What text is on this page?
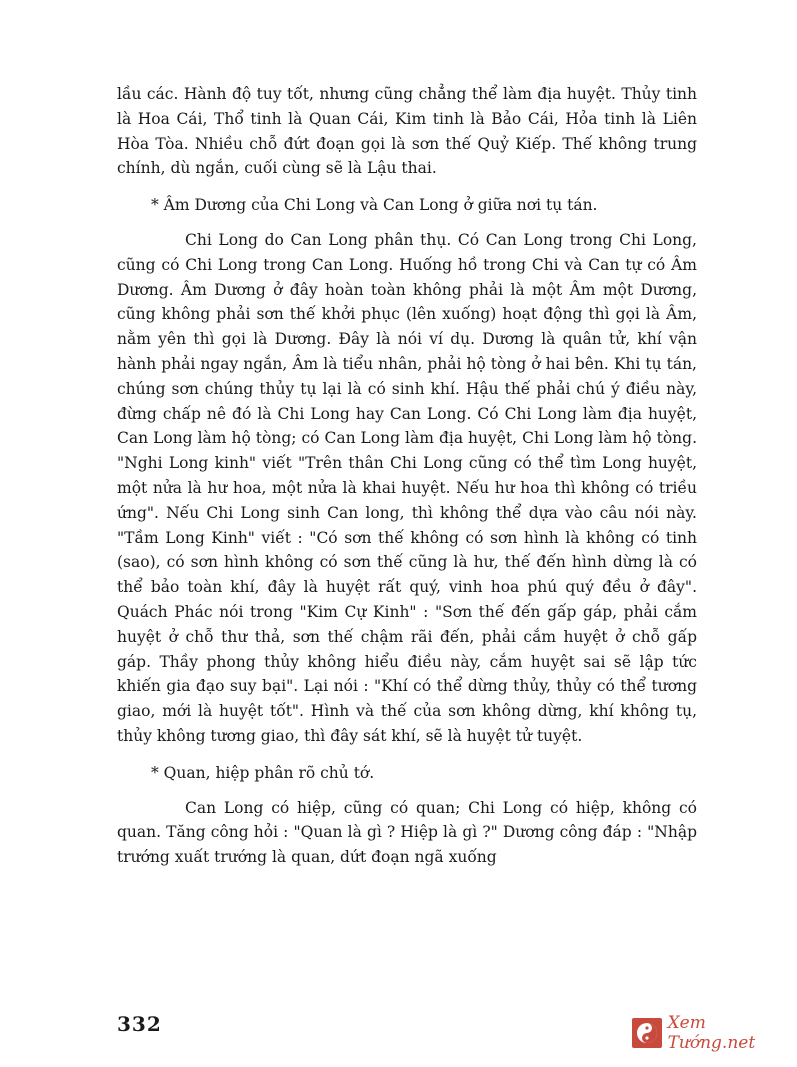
lầu các. Hành độ tuy tốt, nhưng cũng chẳng thể làm địa huyệt. Thủy tinh là Hoa Cái, Thổ tinh là Quan Cái, Kim tinh là Bảo Cái, Hỏa tinh là Liên Hòa Tòa. Nhiều chỗ đứt đoạn gọi là sơn thế Quỷ Kiếp. Thế không trung chính, dù ngắn, cuối cùng sẽ là Lậu thai.

* Âm Dương của Chi Long và Can Long ở giữa nơi tụ tán.

Chi Long do Can Long phân thụ. Có Can Long trong Chi Long, cũng có Chi Long trong Can Long. Huống hồ trong Chi và Can tự có Âm Dương. Âm Dương ở đây hoàn toàn không phải là một Âm một Dương, cũng không phải sơn thế khởi phục (lên xuống) hoạt động thì gọi là Âm, nằm yên thì gọi là Dương. Đây là nói ví dụ. Dương là quân tử, khí vận hành phải ngay ngắn, Âm là tiểu nhân, phải hộ tòng ở hai bên. Khi tụ tán, chúng sơn chúng thủy tụ lại là có sinh khí. Hậu thế phải chú ý điều này, đừng chấp nê đó là Chi Long hay Can Long. Có Chi Long làm địa huyệt, Can Long làm hộ tòng; có Can Long làm địa huyệt, Chi Long làm hộ tòng. "Nghi Long kinh" viết "Trên thân Chi Long cũng có thể tìm Long huyệt, một nửa là hư hoa, một nửa là khai huyệt. Nếu hư hoa thì không có triều ứng". Nếu Chi Long sinh Can long, thì không thể dựa vào câu nói này. "Tầm Long Kinh" viết : "Có sơn thế không có sơn hình là không có tinh (sao), có sơn hình không có sơn thế cũng là hư, thế đến hình dừng là có thể bảo toàn khí, đây là huyệt rất quý, vinh hoa phú quý đều ở đây". Quách Phác nói trong "Kim Cự Kinh" : "Sơn thế đến gấp gáp, phải cắm huyệt ở chỗ thư thả, sơn thế chậm rãi đến, phải cắm huyệt ở chỗ gấp gáp. Thầy phong thủy không hiểu điều này, cắm huyệt sai sẽ lập tức khiến gia đạo suy bại". Lại nói : "Khí có thể dừng thủy, thủy có thể tương giao, mới là huyệt tốt". Hình và thế của sơn không dừng, khí không tụ, thủy không tương giao, thì đây sát khí, sẽ là huyệt tử tuyệt.

* Quan, hiệp phân rõ chủ tớ.

Can Long có hiệp, cũng có quan; Chi Long có hiệp, không có quan. Tăng công hỏi : "Quan là gì ? Hiệp là gì ?" Dương công đáp : "Nhập trướng xuất trướng là quan, dứt đoạn ngã xuống

332	Xem Tướng.net
